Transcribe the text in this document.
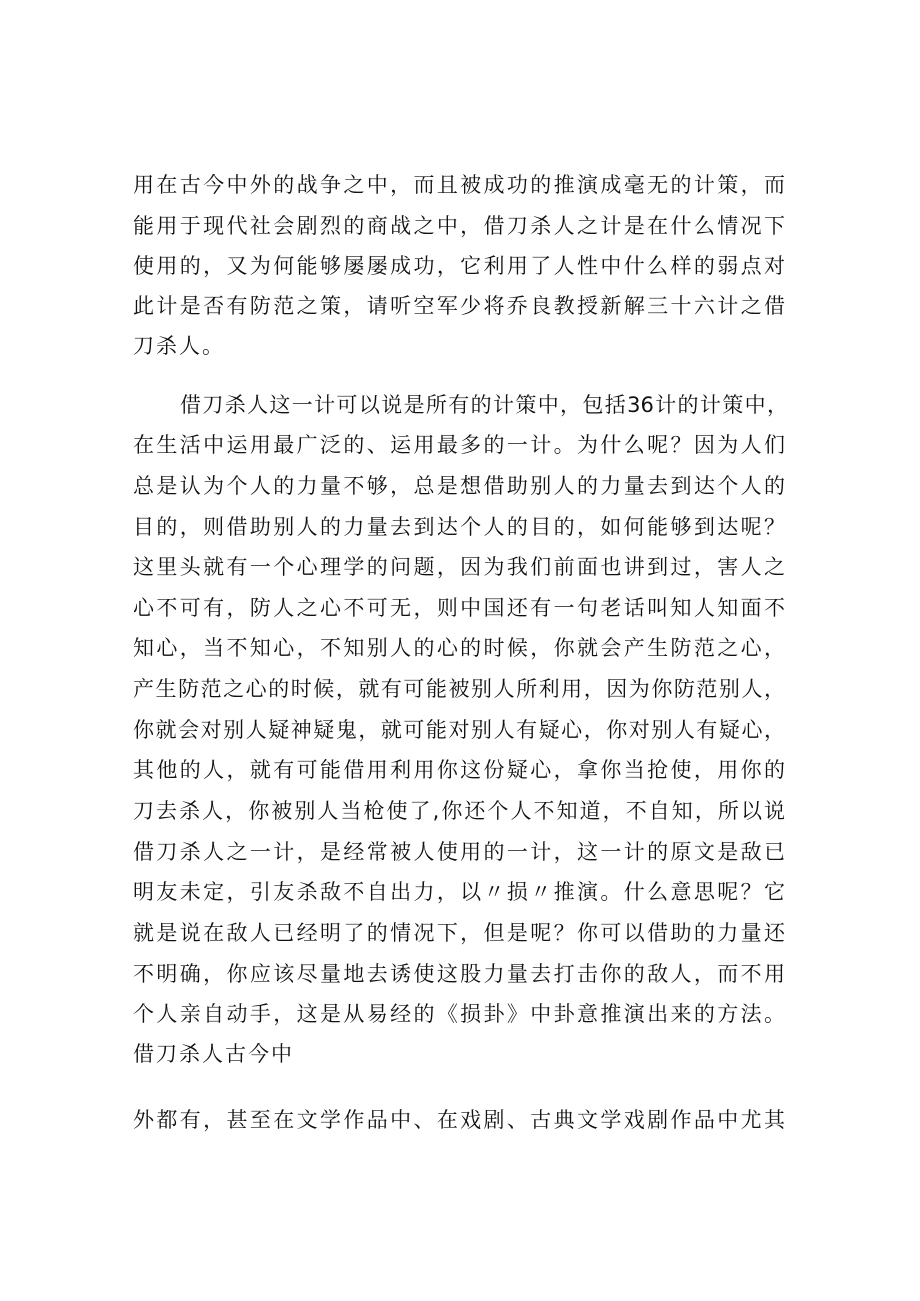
用在古今中外的战争之中，而且被成功的推演成毫无的计策，而
能用于现代社会剧烈的商战之中，借刀杀人之计是在什么情况下
使用的，又为何能够屡屡成功，它利用了人性中什么样的弱点对
此计是否有防范之策，请听空军少将乔良教授新解三十六计之借
刀杀人。
借刀杀人这一计可以说是所有的计策中，包括36计的计策中，
在生活中运用最广泛的、运用最多的一计。为什么呢？因为人们
总是认为个人的力量不够，总是想借助别人的力量去到达个人的
目的，则借助别人的力量去到达个人的目的，如何能够到达呢？
这里头就有一个心理学的问题，因为我们前面也讲到过，害人之
心不可有，防人之心不可无，则中国还有一句老话叫知人知面不
知心，当不知心，不知别人的心的时候，你就会产生防范之心，
产生防范之心的时候，就有可能被别人所利用，因为你防范别人，
你就会对别人疑神疑鬼，就可能对别人有疑心，你对别人有疑心，
其他的人，就有可能借用利用你这份疑心，拿你当抢使，用你的
刀去杀人，你被别人当枪使了,你还个人不知道，不自知，所以说
借刀杀人之一计，是经常被人使用的一计，这一计的原文是敌已
明友未定，引友杀敌不自出力，以〃损〃推演。什么意思呢？它
就是说在敌人已经明了的情况下，但是呢？你可以借助的力量还
不明确，你应该尽量地去诱使这股力量去打击你的敌人，而不用
个人亲自动手，这是从易经的《损卦》中卦意推演出来的方法。
借刀杀人古今中
外都有，甚至在文学作品中、在戏剧、古典文学戏剧作品中尤其
